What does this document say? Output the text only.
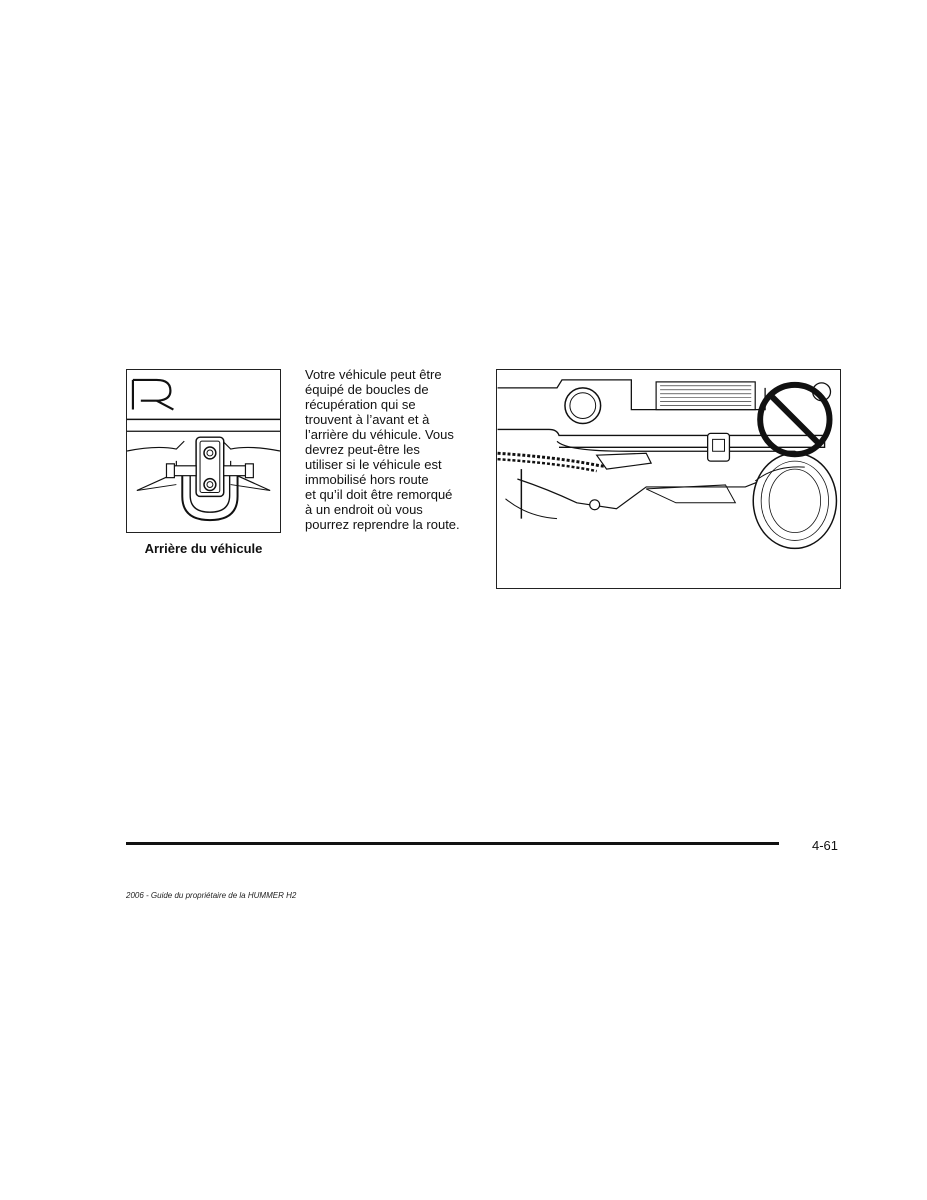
Arrière du véhicule
Votre véhicule peut être
équipé de boucles de
récupération qui se
trouvent à l’avant et à
l’arrière du véhicule. Vous
devrez peut-être les
utiliser si le véhicule est
immobilisé hors route
et qu’il doit être remorqué
à un endroit où vous
pourrez reprendre la route.
4-61
2006 - Guide du propriétaire de la HUMMER H2
